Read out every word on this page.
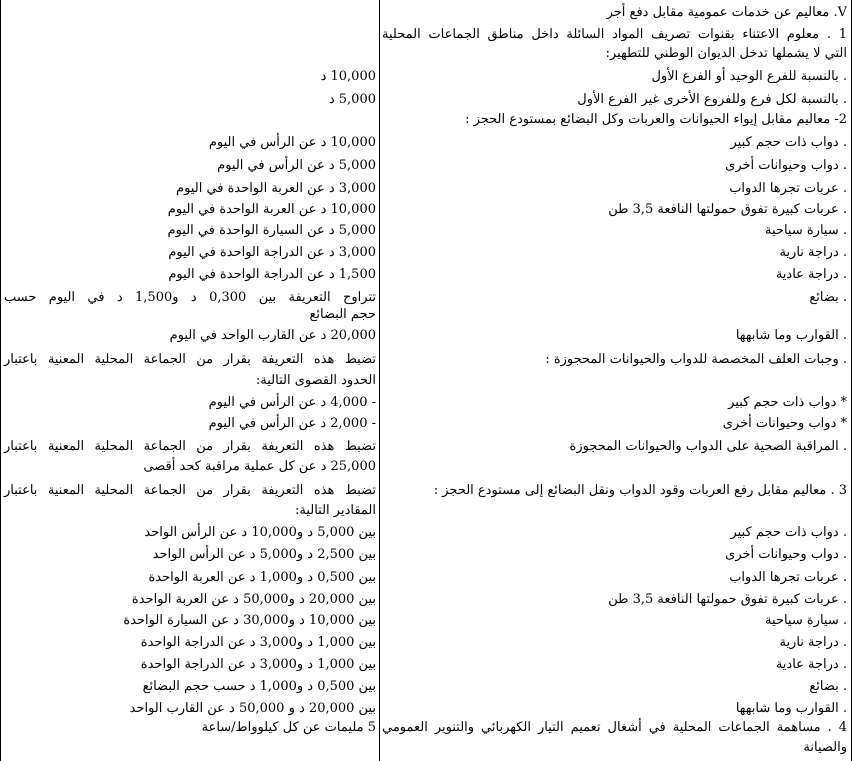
V. معاليم عن خدمات عمومية مقابل دفع أجر
1 . معلوم الاعتناء بقنوات تصريف المواد السائلة داخل مناطق الجماعات المحلية
التي لا يشملها تدخل الديوان الوطني للتطهير:
. بالنسبة للفرع الوحيد أو الفرع الأول
. بالنسبة لكل فرع وللفروع الأخرى غير الفرع الأول
2- معاليم مقابل إيواء الحيوانات والعربات وكل البضائع بمستودع الحجز :
. دواب ذات حجم كبير
. دواب وحيوانات أخرى
. عربات تجرها الدواب
. عربات كبيرة تفوق حمولتها النافعة 3,5 طن
. سيارة سياحية
. دراجة نارية
. دراجة عادية
. بضائع
. القوارب وما شابهها
. وجبات العلف المخصصة للدواب والحيوانات المحجوزة :
* دواب ذات حجم كبير
* دواب وحيوانات أخرى
. المراقبة الصحية على الدواب والحيوانات المحجوزة
3 . معاليم مقابل رفع العربات وقود الدواب ونقل البضائع إلى مستودع الحجز :
. دواب ذات حجم كبير
. دواب وحيوانات أخرى
. عربات تجرها الدواب
. عربات كبيرة تفوق حمولتها النافعة 3,5 طن
. سيارة سياحية
. دراجة نارية
. دراجة عادية
. بضائع
. القوارب وما شابهها
4 . مساهمة الجماعات المحلية في أشغال تعميم التيار الكهربائي والتنوير العمومي
والصيانة
10,000 د
5,000 د
10,000 د عن الرأس في اليوم
5,000 د عن الرأس في اليوم
3,000 د عن العربة الواحدة في اليوم
10,000 د عن العربة الواحدة في اليوم
5,000 د عن السيارة الواحدة في اليوم
3,000 د عن الدراجة الواحدة في اليوم
1,500 د عن الدراجة الواحدة في اليوم
تتراوح التعريفة بين 0,300 د و1,500 د في اليوم حسب
حجم البضائع
20,000 د عن القارب الواحد في اليوم
تضبط هذه التعريفة بقرار من الجماعة المحلية المعنية باعتبار
الحدود القصوى التالية:
- 4,000 د عن الرأس في اليوم
- 2,000 د عن الرأس في اليوم
تضبط هذه التعريفة بقرار من الجماعة المحلية المعنية باعتبار
25,000 د عن كل عملية مراقبة كحد أقصى
تضبط هذه التعريفة بقرار من الجماعة المحلية المعنية باعتبار
المقادير التالية:
بين 5,000 د و10,000 د عن الرأس الواحد
بين 2,500 د و5,000 د عن الرأس الواحد
بين 0,500 د و1,000 د عن العربة الواحدة
بين 20,000 د و50,000 د عن العربة الواحدة
بين 10,000 د و30,000 د عن السيارة الواحدة
بين 1,000 د و3,000 د عن الدراجة الواحدة
بين 1,000 د و3,000 د عن الدراجة الواحدة
بين 0,500 د و1,000 د حسب حجم البضائع
بين 20,000 د و 50,000 د عن القارب الواحد
5 مليمات عن كل كيلوواط/ساعة
